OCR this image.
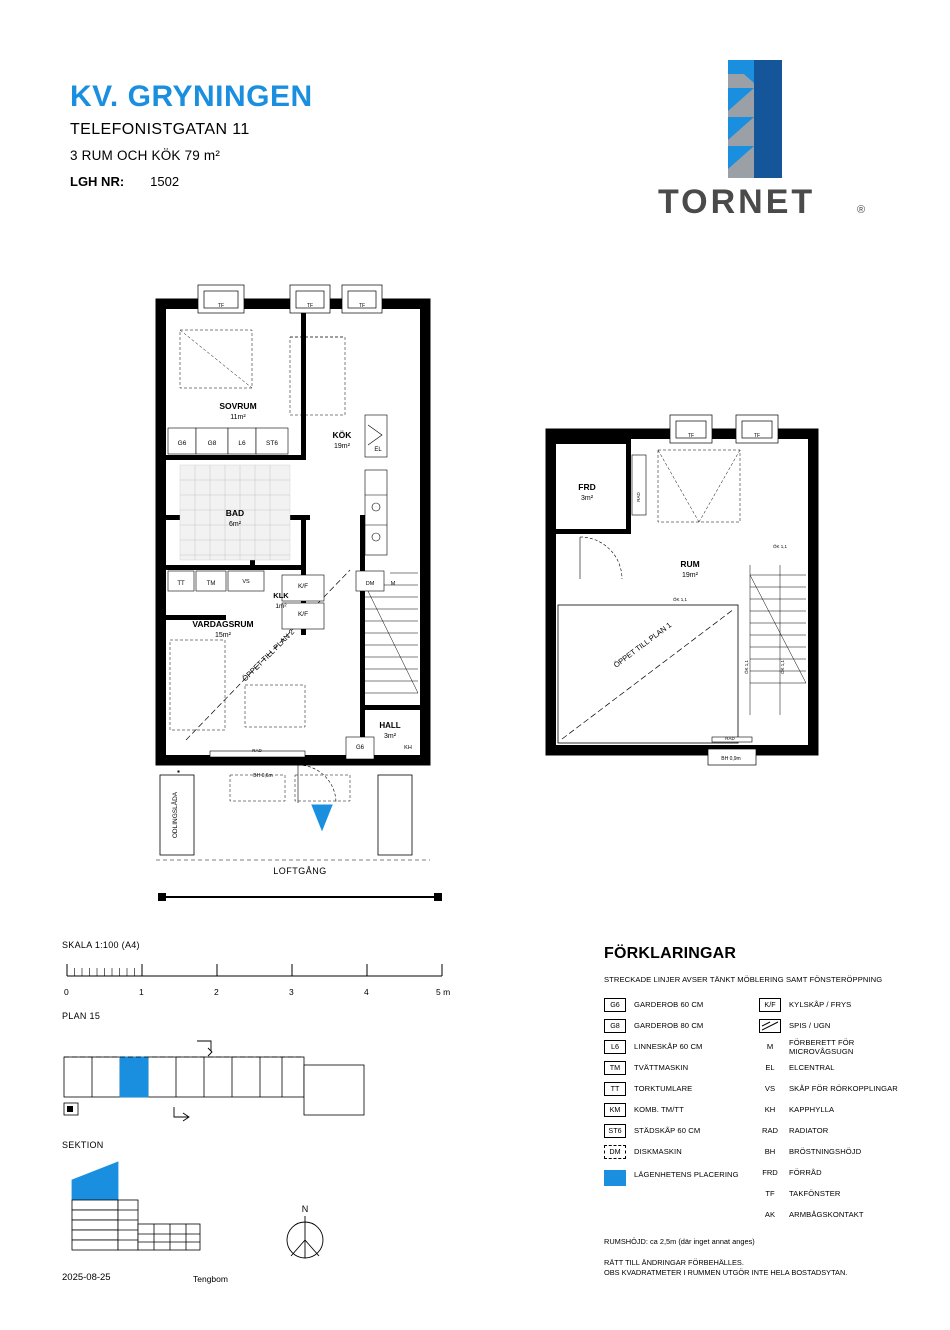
KV. GRYNINGEN
TELEFONISTGATAN 11
3 RUM OCH KÖK 79 m²
LGH NR: 1502
TORNET	®
TF	TF	TF
SOVRUM
11m²
KÖK
19m²
G6	G8	L6	ST6
BAD
6m²
TT	TM	VS
K/F
K/F
DM	M
EL
KLK
1m²
VARDAGSRUM
15m²
HALL
3m²
G6	KH
RAD
BH 0,6m
ÖPPET TILL PLAN 2
ODLINGSLÅDA
LOFTGÅNG
TF	TF
FRD
3m²
RUM
19m²
ÖK 1,1
ÖK 1,1
BH 0,9m
RAD
ÖPPET TILL PLAN 1	ÖK 1,1	ÖK 1,1
RAD
SKALA 1:100 (A4)
0	1	2	3	4	5 m
PLAN 15
SEKTION
N
2025-08-25	Tengbom
FÖRKLARINGAR
STRECKADE LINJER AVSER TÄNKT MÖBLERING SAMT FÖNSTERÖPPNING
G6	GARDEROB 60 CM
G8	GARDEROB 80 CM
L6	LINNESKÅP 60 CM
TM	TVÄTTMASKIN
TT	TORKTUMLARE
KM	KOMB. TM/TT
ST6	STÄDSKÅP 60 CM
DM	DISKMASKIN
LÄGENHETENS PLACERING
K/F	KYLSKÅP / FRYS
SPIS / UGN
M	FÖRBERETT FÖR MICROVÅGSUGN
EL	ELCENTRAL
VS	SKÅP FÖR RÖRKOPPLINGAR
KH	KAPPHYLLA
RAD	RADIATOR
BH	BRÖSTNINGSHÖJD
FRD	FÖRRÅD
TF	TAKFÖNSTER
AK	ARMBÅGSKONTAKT
RUMSHÖJD: ca 2,5m (där inget annat anges)
RÄTT TILL ÄNDRINGAR FÖRBEHÄLLES.
OBS KVADRATMETER I RUMMEN UTGÖR INTE HELA BOSTADSYTAN.
